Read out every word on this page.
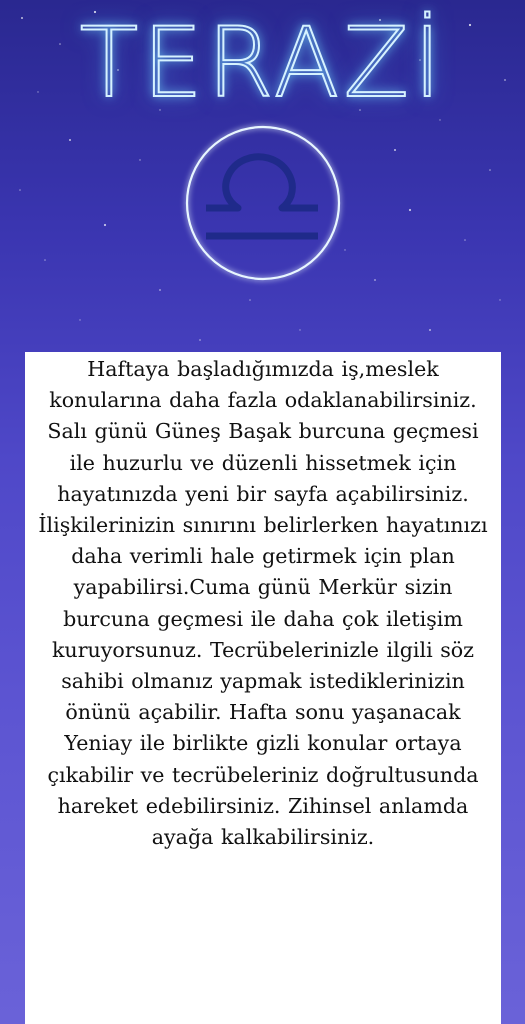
TERAZİ

Haftaya başladığımızda iş,meslek konularına daha fazla odaklanabilirsiniz. Salı günü Güneş Başak burcuna geçmesi ile huzurlu ve düzenli hissetmek için hayatınızda yeni bir sayfa açabilirsiniz. İlişkilerinizin sınırını belirlerken hayatınızı daha verimli hale getirmek için plan yapabilirsi.Cuma günü Merkür sizin burcuna geçmesi ile daha çok iletişim kuruyorsunuz. Tecrübelerinizle ilgili söz sahibi olmanız yapmak istediklerinizin önünü açabilir. Hafta sonu yaşanacak Yeniay ile birlikte gizli konular ortaya çıkabilir ve tecrübeleriniz doğrultusunda hareket edebilirsiniz. Zihinsel anlamda ayağa kalkabilirsiniz.
